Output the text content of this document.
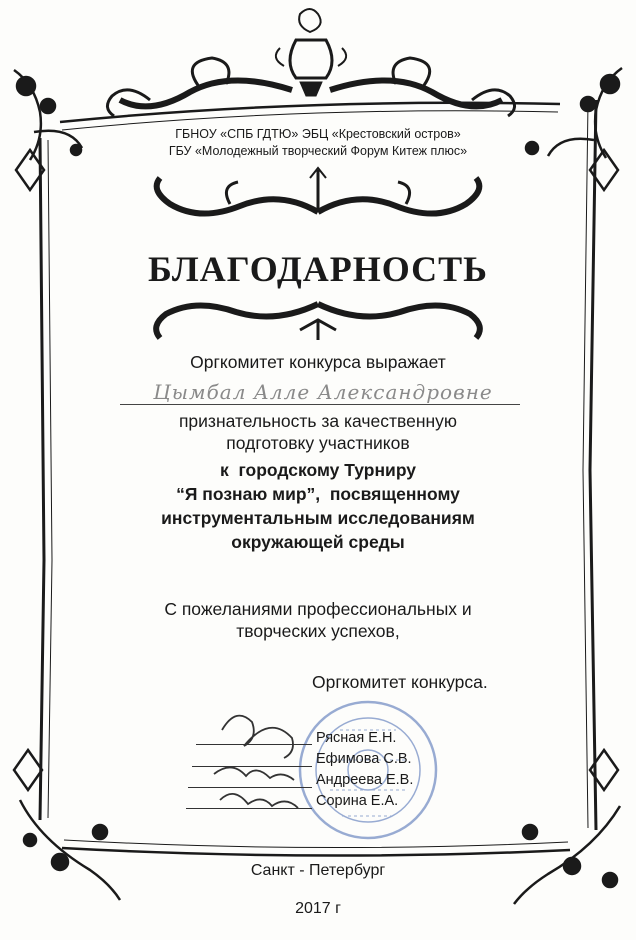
ГБНОУ «СПБ ГДТЮ» ЭБЦ «Крестовский остров»
ГБУ «Молодежный творческий Форум Китеж плюс»
БЛАГОДАРНОСТЬ
Оргкомитет конкурса выражает
Цымбал Алле Александровне
признательность за качественную
подготовку участников
к  городскому Турниру
“Я познаю мир”,  посвященному
инструментальным исследованиям
окружающей среды
С пожеланиями профессиональных и
творческих успехов,
Оргкомитет конкурса.
Рясная Е.Н.
Ефимова С.В.
Андреева Е.В.
Сорина Е.А.
Санкт - Петербург
2017 г
